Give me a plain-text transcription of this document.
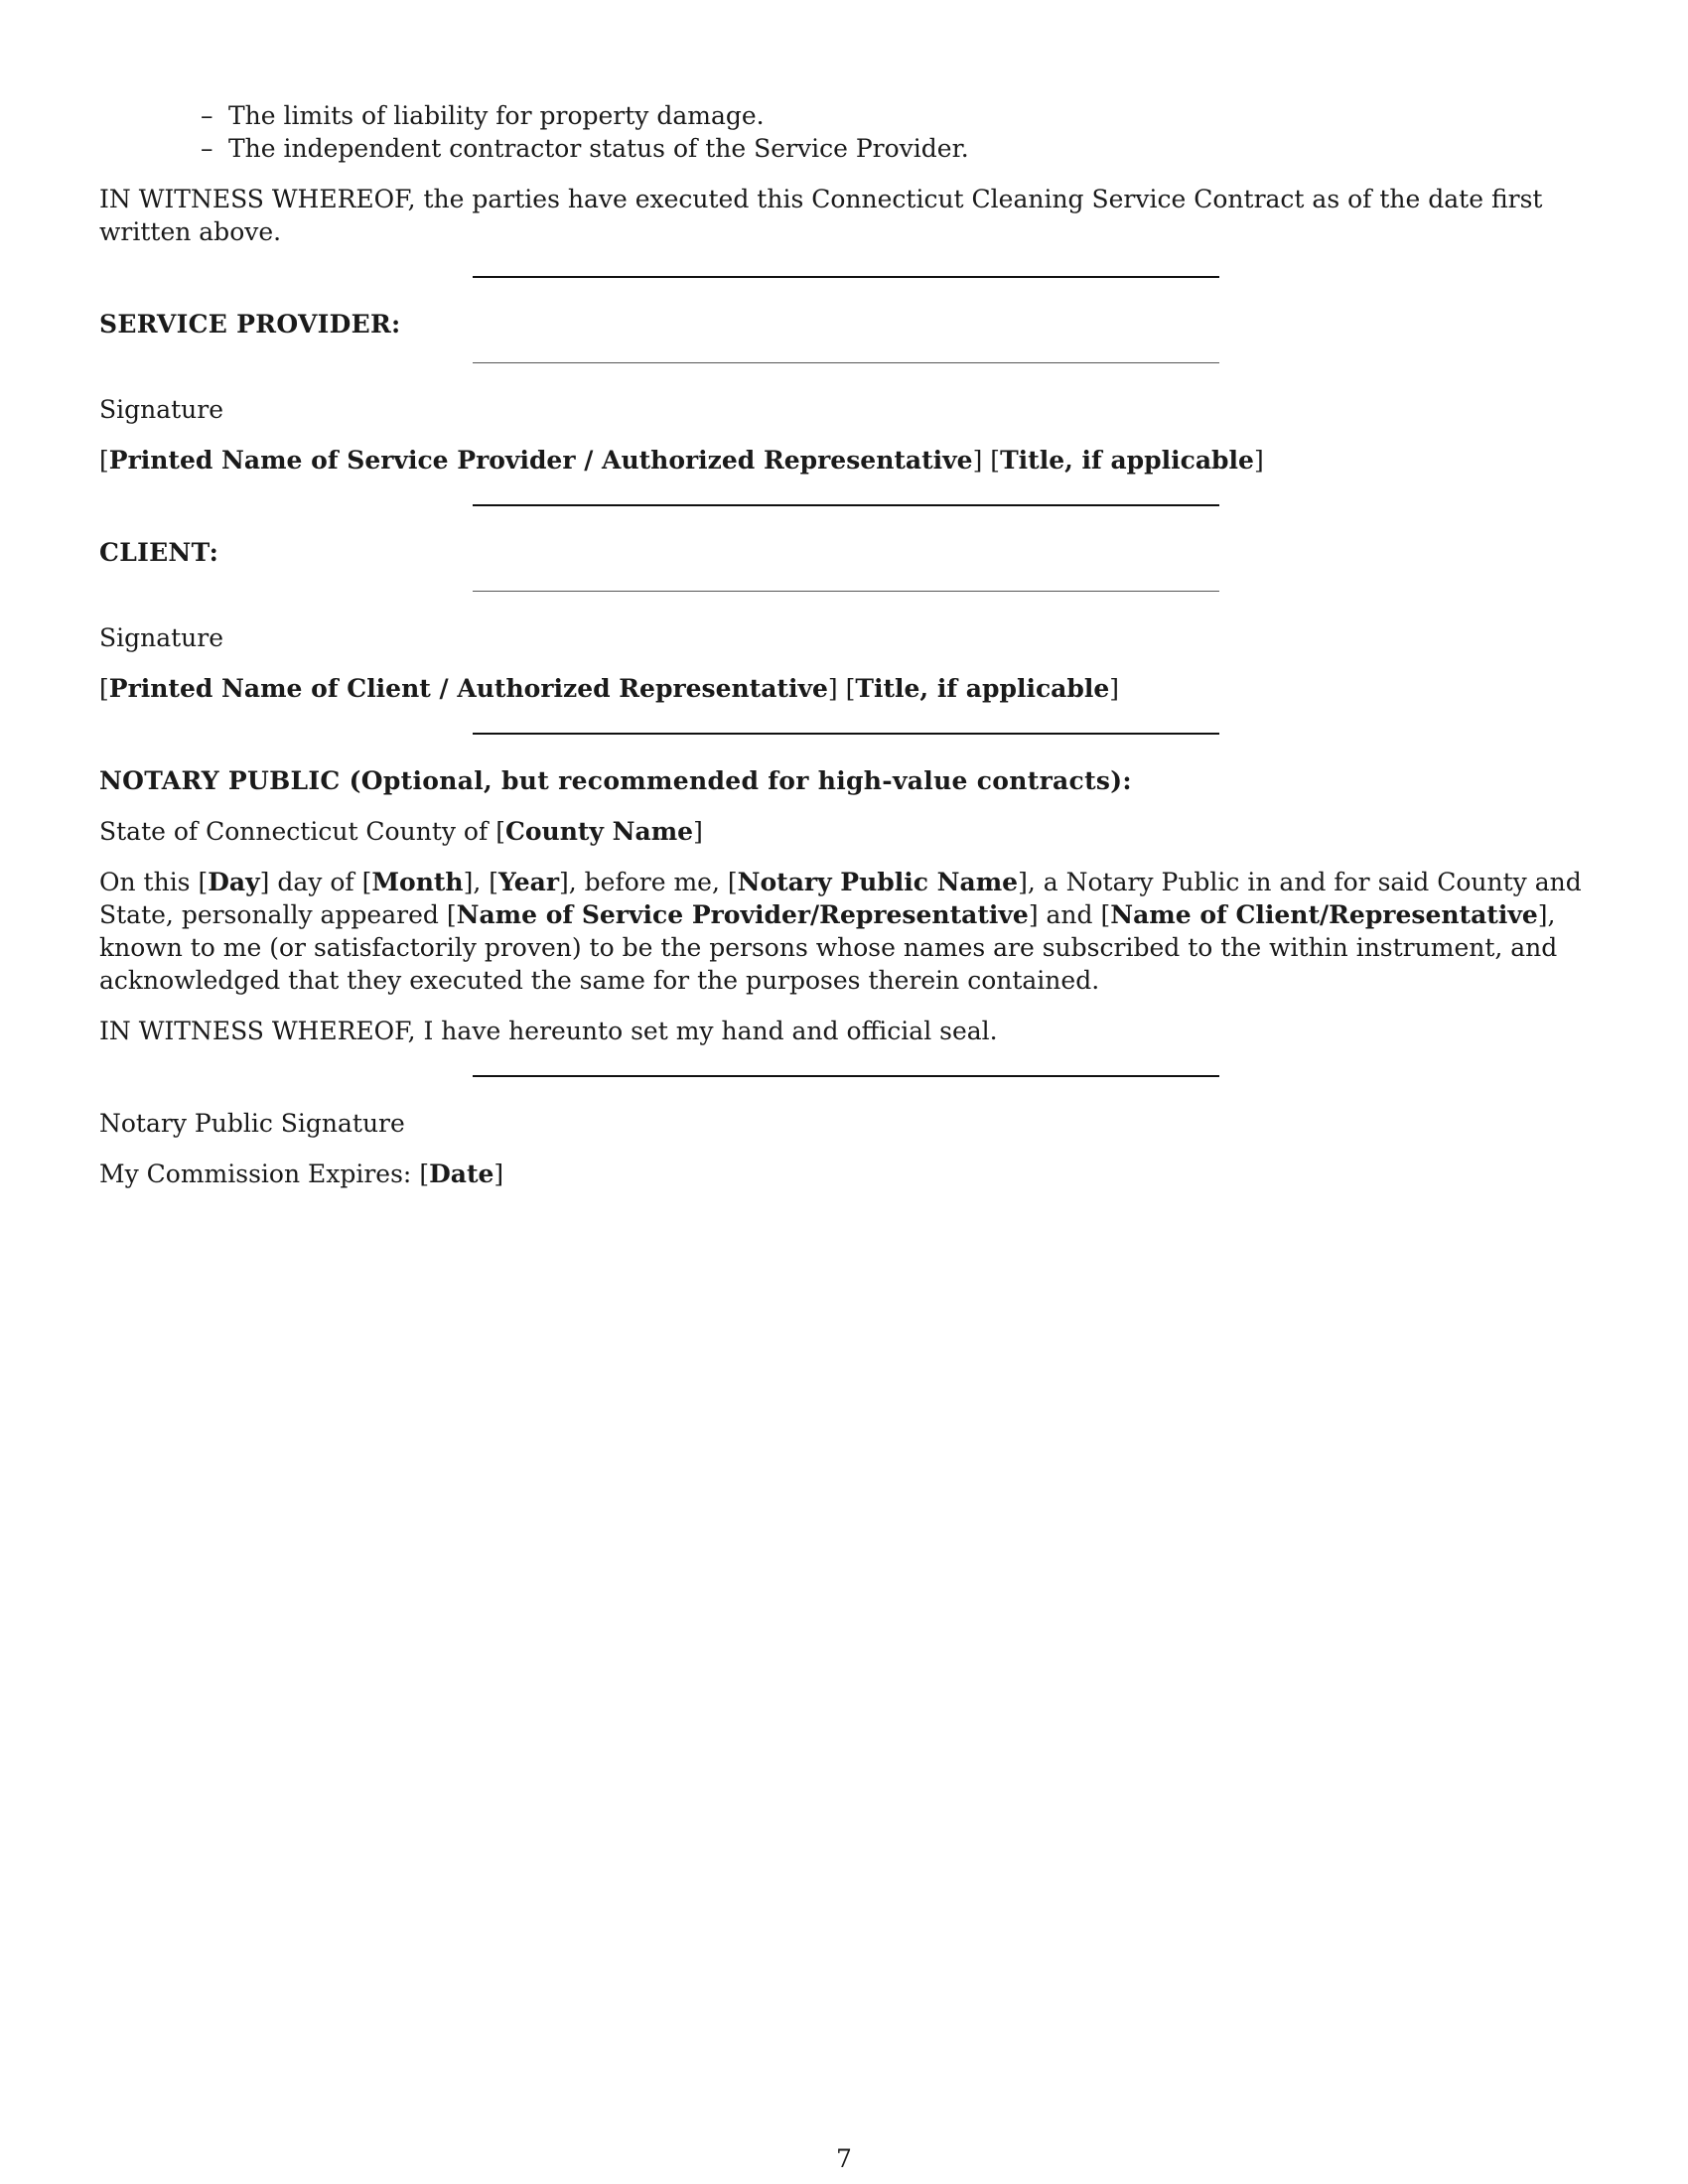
– The limits of liability for property damage.
– The independent contractor status of the Service Provider.

IN WITNESS WHEREOF, the parties have executed this Connecticut Cleaning Service Contract as of the date first written above.

SERVICE PROVIDER:

Signature

[Printed Name of Service Provider / Authorized Representative] [Title, if applicable]

CLIENT:

Signature

[Printed Name of Client / Authorized Representative] [Title, if applicable]

NOTARY PUBLIC (Optional, but recommended for high-value contracts):

State of Connecticut County of [County Name]

On this [Day] day of [Month], [Year], before me, [Notary Public Name], a Notary Public in and for said County and State, personally appeared [Name of Service Provider/Representative] and [Name of Client/Representative], known to me (or satisfactorily proven) to be the persons whose names are subscribed to the within instrument, and acknowledged that they executed the same for the purposes therein contained.

IN WITNESS WHEREOF, I have hereunto set my hand and official seal.

Notary Public Signature

My Commission Expires: [Date]

7
